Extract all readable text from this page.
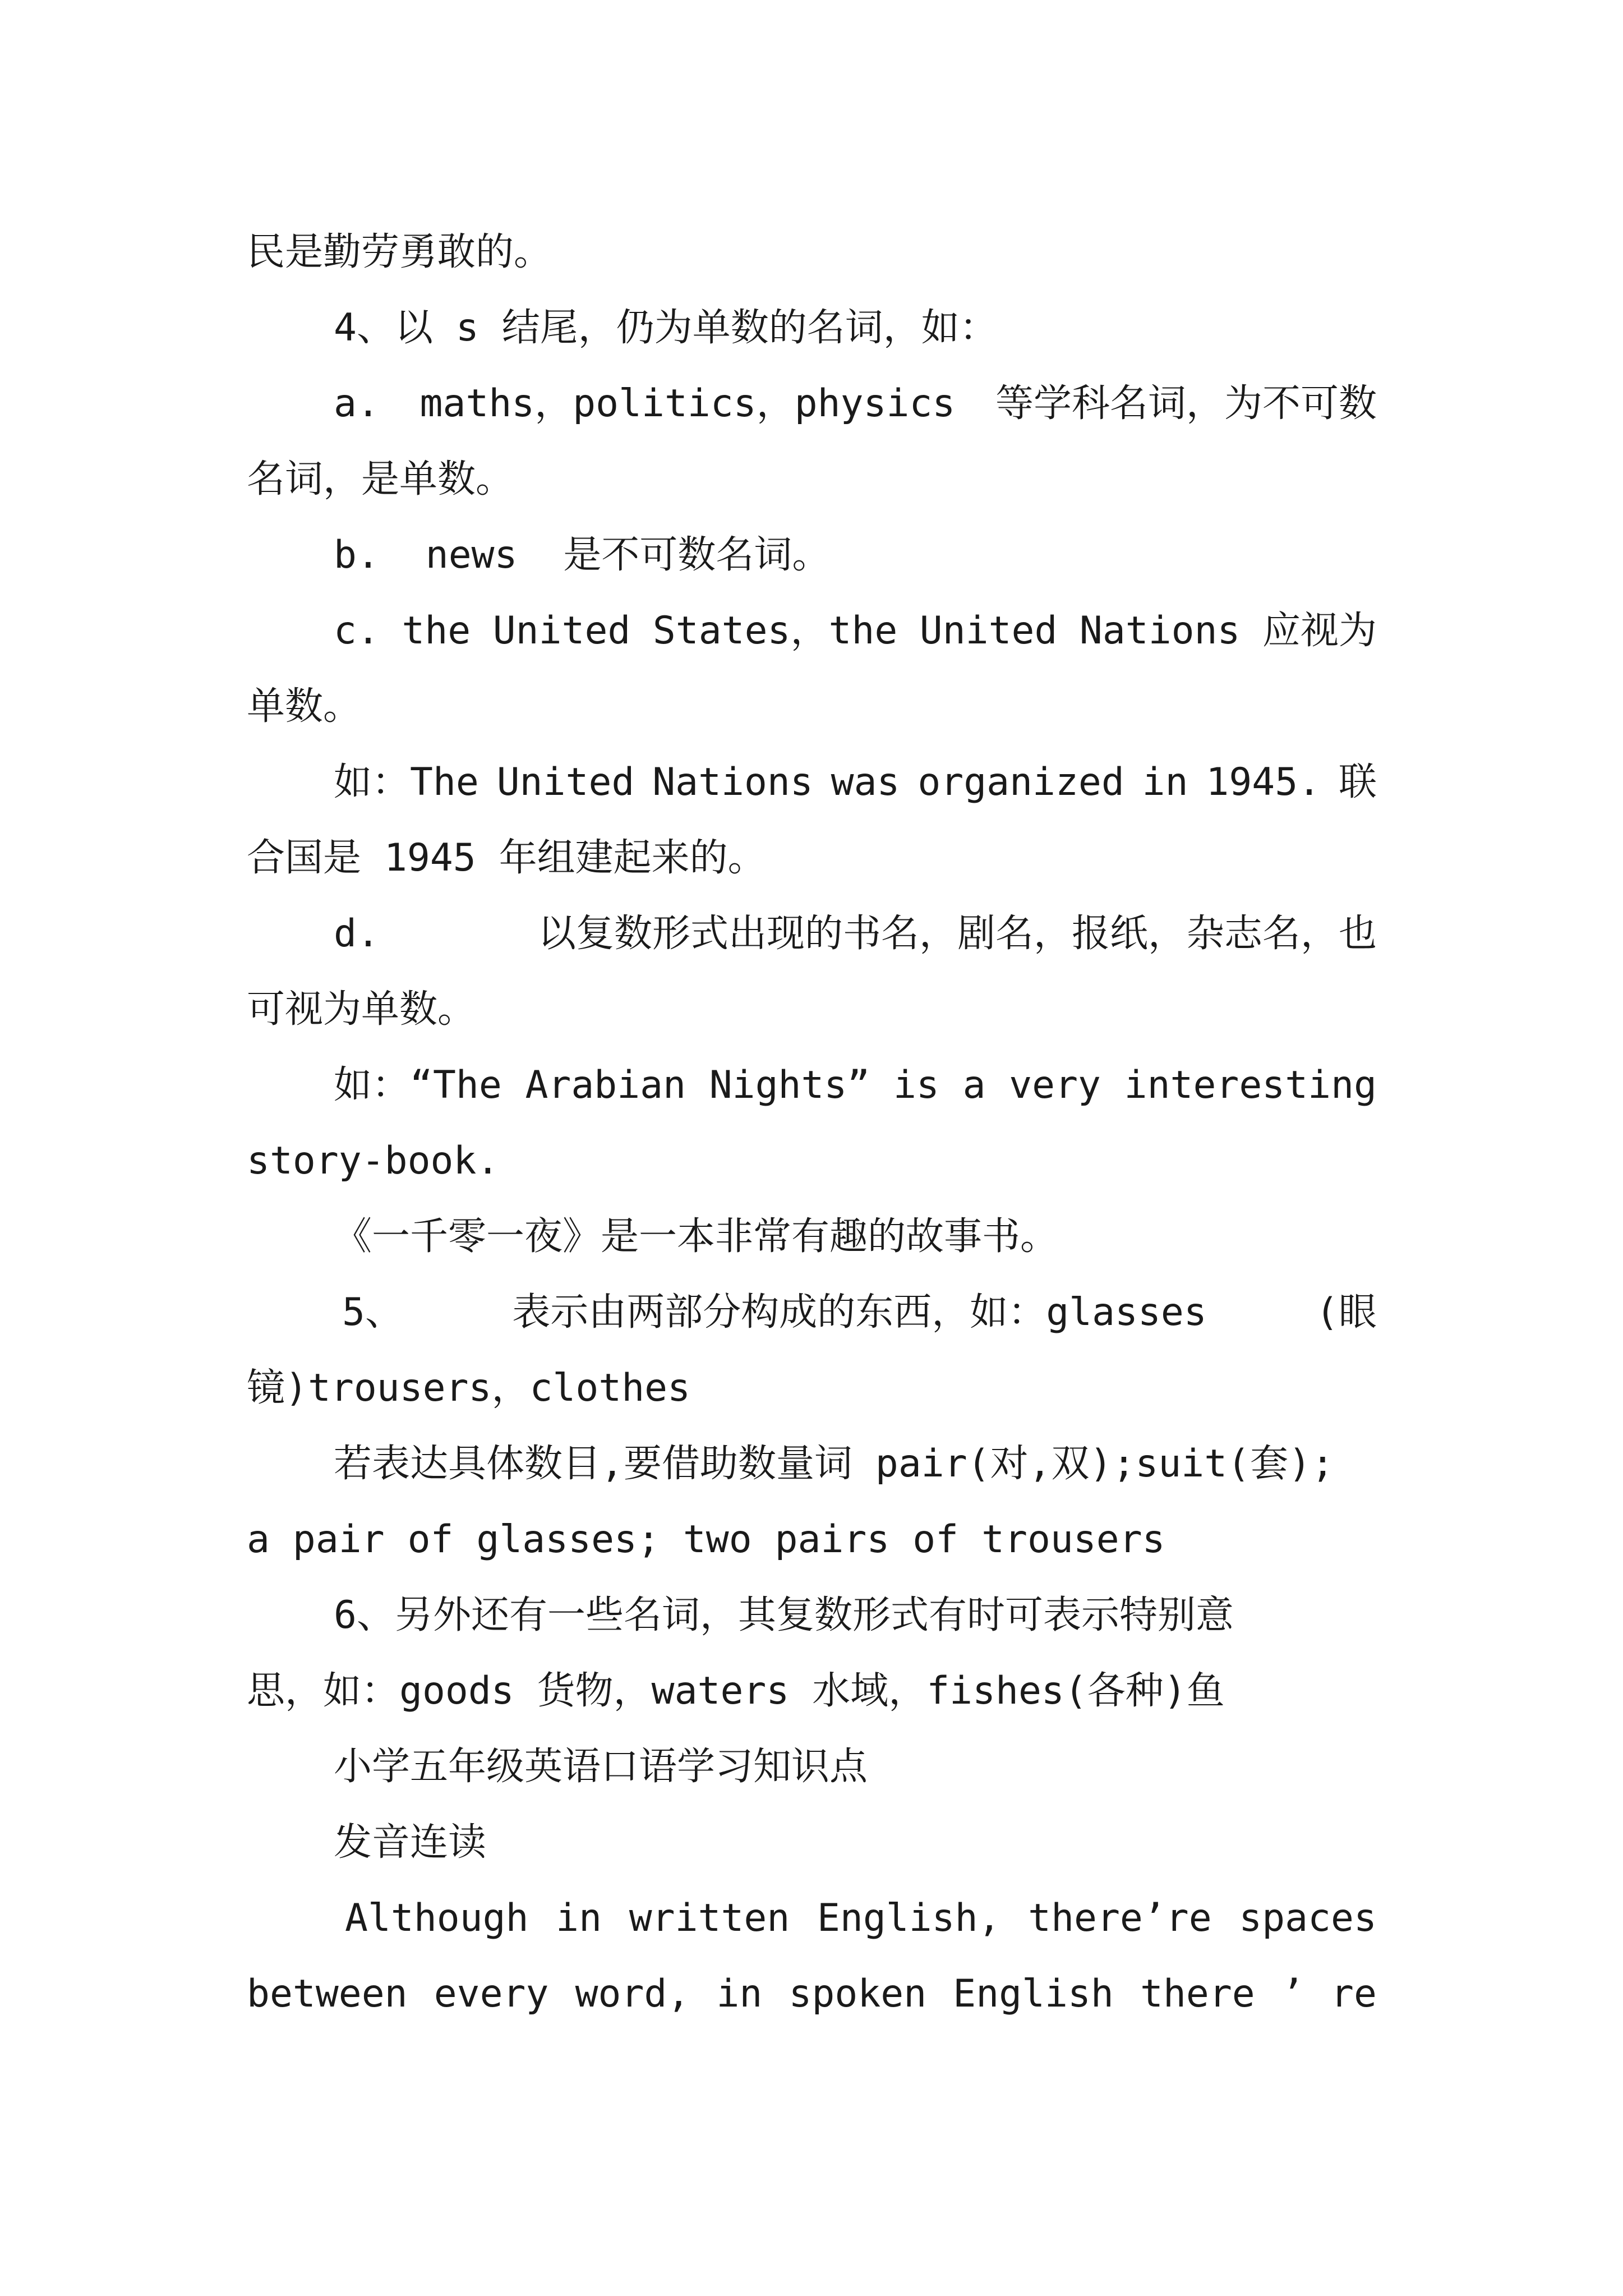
民是勤劳勇敢的。
4、以 s 结尾，仍为单数的名词，如：
a. maths，politics，physics 等学科名词，为不可数
名词，是单数。
b.  news  是不可数名词。
c. the United States，the United Nations 应视为
单数。
如：The United Nations was organized in 1945. 联
合国是 1945 年组建起来的。
d.	以复数形式出现的书名，剧名，报纸，杂志名，也
可视为单数。
如：“The Arabian Nights” is a very interesting
story-book.
《一千零一夜》是一本非常有趣的故事书。
5、	表示由两部分构成的东西，如：glasses	(眼
镜)trousers，clothes
若表达具体数目,要借助数量词 pair(对,双);suit(套);
a pair of glasses; two pairs of trousers
6、另外还有一些名词，其复数形式有时可表示特别意
思，如：goods 货物，waters 水域，fishes(各种)鱼
小学五年级英语口语学习知识点
发音连读
Although in written English, there’re spaces
between every word, in spoken English there ’ re
